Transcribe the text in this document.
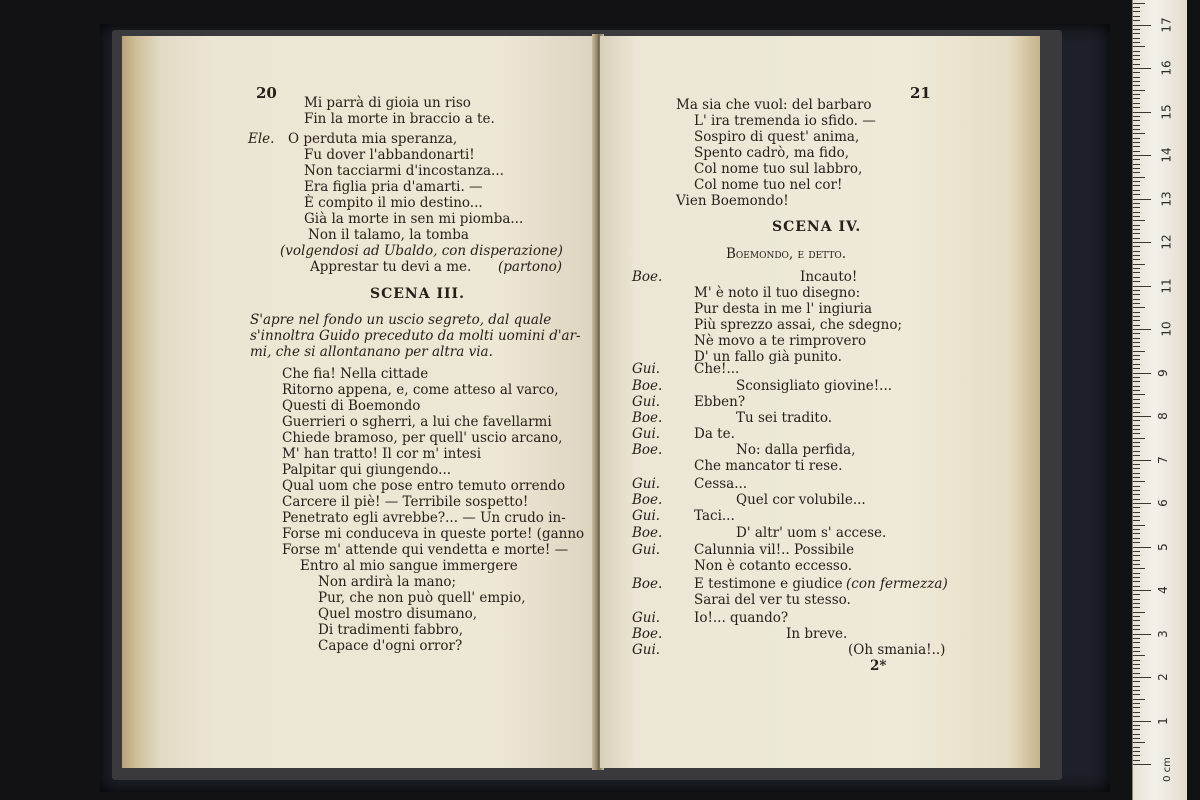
20
Mi parrà di gioia un riso
Fin la morte in braccio a te.
Ele. O perduta mia speranza,
Fu dover l'abbandonarti!
Non tacciarmi d'incostanza...
Era figlia pria d'amarti. —
È compito il mio destino...
Già la morte in sen mi piomba...
Non il talamo, la tomba
(volgendosi ad Ubaldo, con disperazione)
Apprestar tu devi a me. (partono)
SCENA III.
S'apre nel fondo un uscio segreto, dal quale
s'innoltra Guido preceduto da molti uomini d'ar-
mi, che si allontanano per altra via.
Che fia! Nella cittade
Ritorno appena, e, come atteso al varco,
Questi di Boemondo
Guerrieri o sgherri, a lui che favellarmi
Chiede bramoso, per quell' uscio arcano,
M' han tratto! Il cor m' intesi
Palpitar qui giungendo...
Qual uom che pose entro temuto orrendo
Carcere il piè! — Terribile sospetto!
Penetrato egli avrebbe?... — Un crudo in-
Forse mi conduceva in queste porte! (ganno
Forse m' attende qui vendetta e morte! —
Entro al mio sangue immergere
Non ardirà la mano;
Pur, che non può quell' empio,
Quel mostro disumano,
Di tradimenti fabbro,
Capace d'ogni orror?
21
Ma sia che vuol: del barbaro
L' ira tremenda io sfido. —
Sospiro di quest' anima,
Spento cadrò, ma fido,
Col nome tuo sul labbro,
Col nome tuo nel cor!
Vien Boemondo!
SCENA IV.
Boemondo, e detto.
Boe.	Incauto!
M' è noto il tuo disegno:
Pur desta in me l' ingiuria
Più sprezzo assai, che sdegno;
Nè movo a te rimprovero
D' un fallo già punito.
Gui.	Che!...
Boe.	Sconsigliato giovine!...
Gui.	Ebben?
Boe.	Tu sei tradito.
Gui.	Da te.
Boe.	No: dalla perfida,
Che mancator ti rese.
Gui.	Cessa...
Boe.	Quel cor volubile...
Gui.	Taci...
Boe.	D' altr' uom s' accese.
Gui.	Calunnia vil!.. Possibile
Non è cotanto eccesso.
Boe. E testimone e giudice (con fermezza)
Sarai del ver tu stesso.
Gui.	Io!... quando?
Boe.	In breve.
Gui.	(Oh smania!..)
2*
0 cm
1
2
3
4
5
6
7
8
9
10
11
12
13
14
15
16
17
